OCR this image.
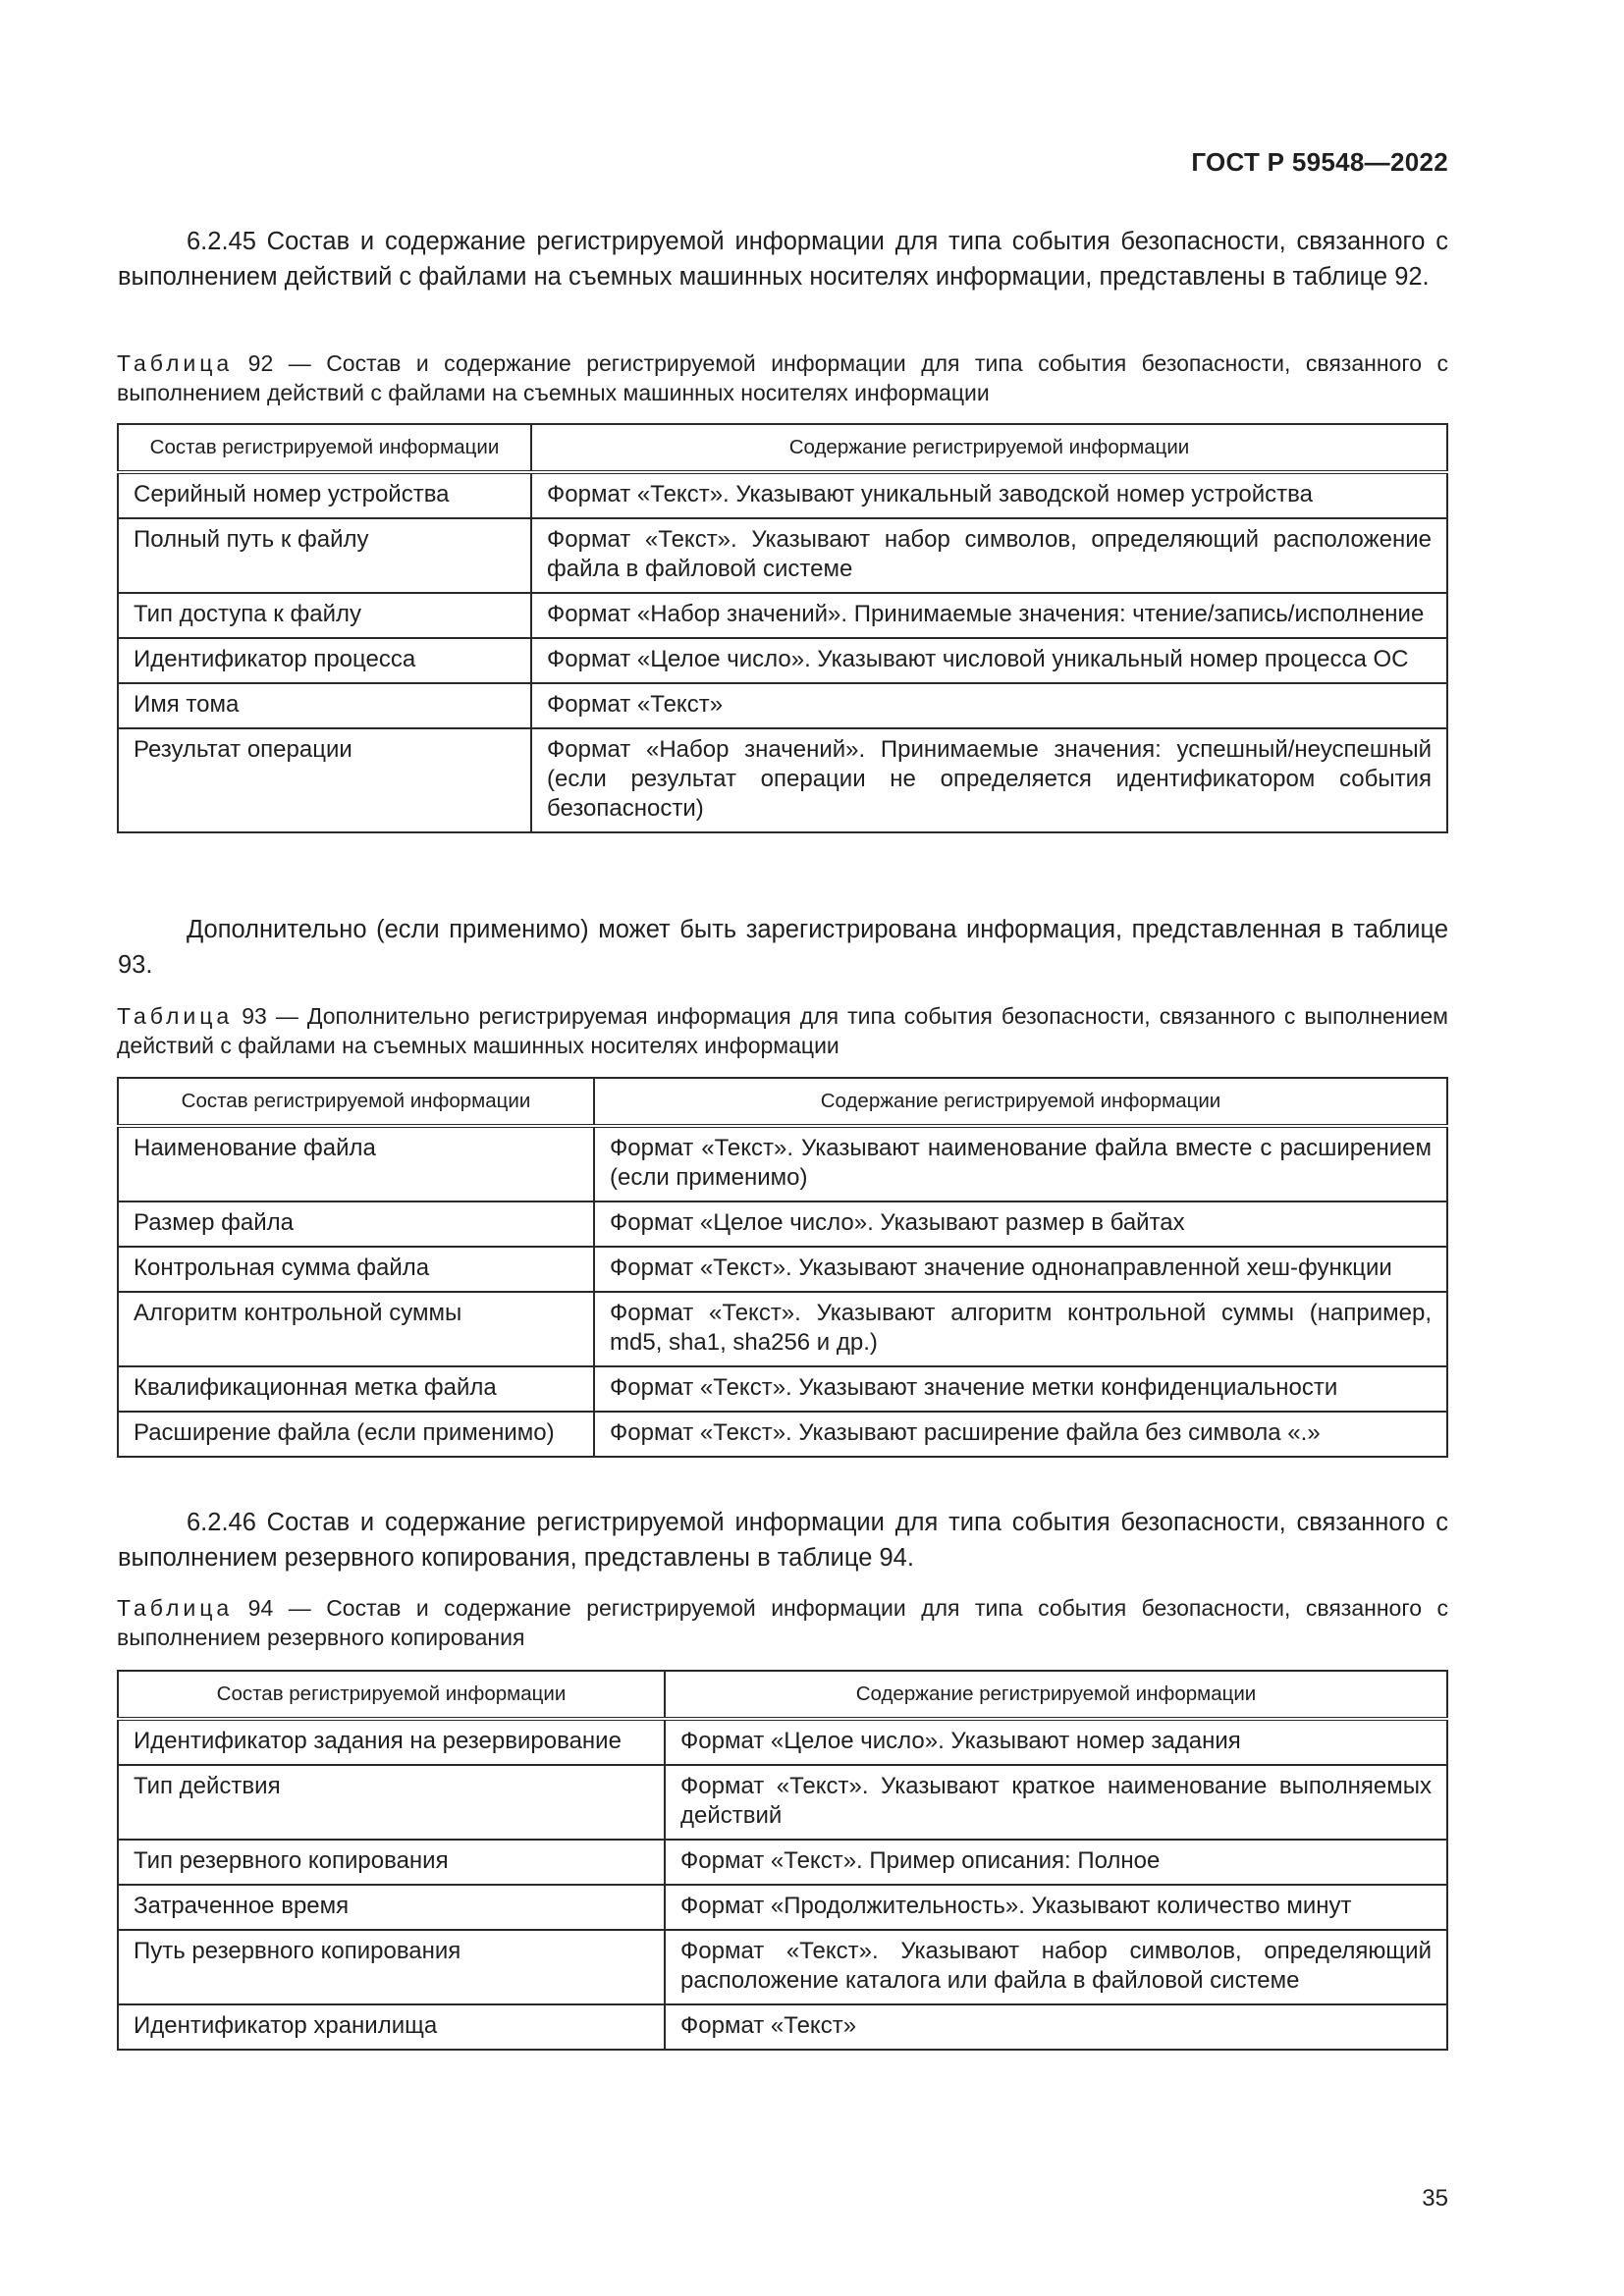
ГОСТ Р 59548—2022
6.2.45 Состав и содержание регистрируемой информации для типа события безопасности, связанного с выполнением действий с файлами на съемных машинных носителях информации, представлены в таблице 92.
Таблица 92 — Состав и содержание регистрируемой информации для типа события безопасности, связанного с выполнением действий с файлами на съемных машинных носителях информации
Состав регистрируемой информации	Содержание регистрируемой информации
Серийный номер устройства	Формат «Текст». Указывают уникальный заводской номер устройства
Полный путь к файлу	Формат «Текст». Указывают набор символов, определяющий расположение файла в файловой системе
Тип доступа к файлу	Формат «Набор значений». Принимаемые значения: чтение/запись/исполнение
Идентификатор процесса	Формат «Целое число». Указывают числовой уникальный номер процесса ОС
Имя тома	Формат «Текст»
Результат операции	Формат «Набор значений». Принимаемые значения: успешный/неуспешный (если результат операции не определяется идентификатором события безопасности)
Дополнительно (если применимо) может быть зарегистрирована информация, представленная в таблице 93.
Таблица 93 — Дополнительно регистрируемая информация для типа события безопасности, связанного с выполнением действий с файлами на съемных машинных носителях информации
Состав регистрируемой информации	Содержание регистрируемой информации
Наименование файла	Формат «Текст». Указывают наименование файла вместе с расширением (если применимо)
Размер файла	Формат «Целое число». Указывают размер в байтах
Контрольная сумма файла	Формат «Текст». Указывают значение однонаправленной хеш-функции
Алгоритм контрольной суммы	Формат «Текст». Указывают алгоритм контрольной суммы (например, md5, sha1, sha256 и др.)
Квалификационная метка файла	Формат «Текст». Указывают значение метки конфиденциальности
Расширение файла (если применимо)	Формат «Текст». Указывают расширение файла без символа «.»
6.2.46 Состав и содержание регистрируемой информации для типа события безопасности, связанного с выполнением резервного копирования, представлены в таблице 94.
Таблица 94 — Состав и содержание регистрируемой информации для типа события безопасности, связанного с выполнением резервного копирования
Состав регистрируемой информации	Содержание регистрируемой информации
Идентификатор задания на резервирование	Формат «Целое число». Указывают номер задания
Тип действия	Формат «Текст». Указывают краткое наименование выполняемых действий
Тип резервного копирования	Формат «Текст». Пример описания: Полное
Затраченное время	Формат «Продолжительность». Указывают количество минут
Путь резервного копирования	Формат «Текст». Указывают набор символов, определяющий расположение каталога или файла в файловой системе
Идентификатор хранилища	Формат «Текст»
35
